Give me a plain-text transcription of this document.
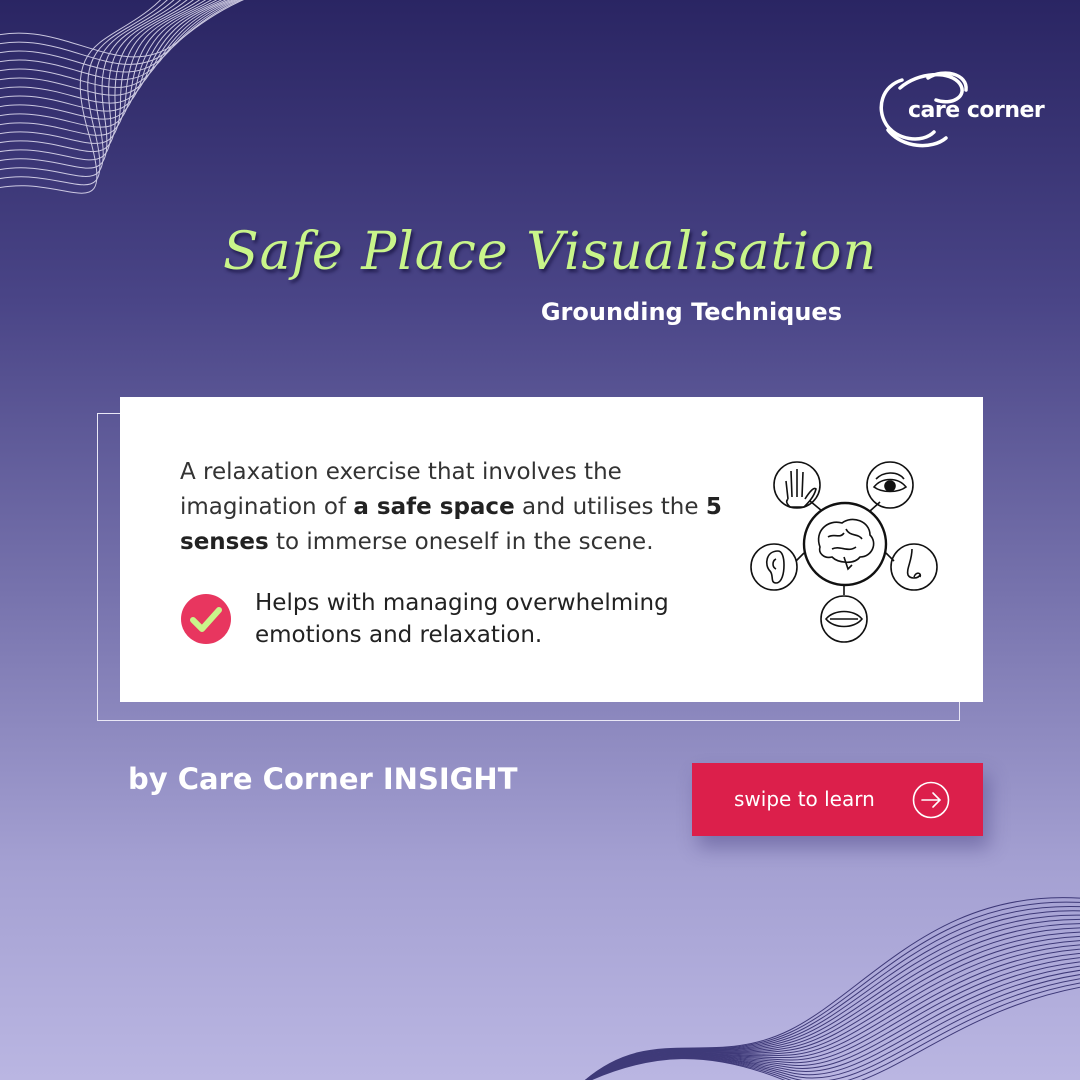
care corner
Safe Place Visualisation
Grounding Techniques
A relaxation exercise that involves the imagination of a safe space and utilises the 5 senses to immerse oneself in the scene.
Helps with managing overwhelming emotions and relaxation.
by Care Corner INSIGHT
swipe to learn
